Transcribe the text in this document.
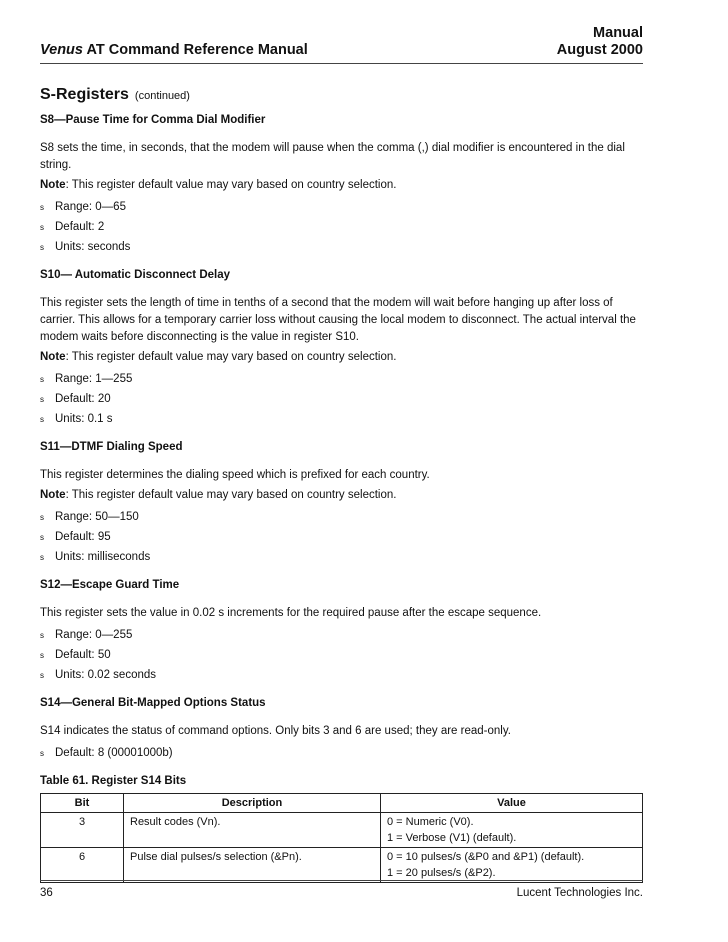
Manual
August 2000
Venus AT Command Reference Manual
S-Registers (continued)
S8—Pause Time for Comma Dial Modifier
S8 sets the time, in seconds, that the modem will pause when the comma (,) dial modifier is encountered in the dial string.
Note: This register default value may vary based on country selection.
s Range: 0—65
s Default: 2
s Units: seconds
S10— Automatic Disconnect Delay
This register sets the length of time in tenths of a second that the modem will wait before hanging up after loss of carrier. This allows for a temporary carrier loss without causing the local modem to disconnect. The actual interval the modem waits before disconnecting is the value in register S10.
Note: This register default value may vary based on country selection.
s Range: 1—255
s Default: 20
s Units: 0.1 s
S11—DTMF Dialing Speed
This register determines the dialing speed which is prefixed for each country.
Note: This register default value may vary based on country selection.
s Range: 50—150
s Default: 95
s Units: milliseconds
S12—Escape Guard Time
This register sets the value in 0.02 s increments for the required pause after the escape sequence.
s Range: 0—255
s Default: 50
s Units: 0.02 seconds
S14—General Bit-Mapped Options Status
S14 indicates the status of command options. Only bits 3 and 6 are used; they are read-only.
s Default: 8 (00001000b)
Table 61. Register S14 Bits
Bit	Description	Value
3	Result codes (Vn).	0 = Numeric (V0).
1 = Verbose (V1) (default).

6	Pulse dial pulses/s selection (&Pn).	0 = 10 pulses/s (&P0 and &P1) (default).
1 = 20 pulses/s (&P2).
36	Lucent Technologies Inc.
